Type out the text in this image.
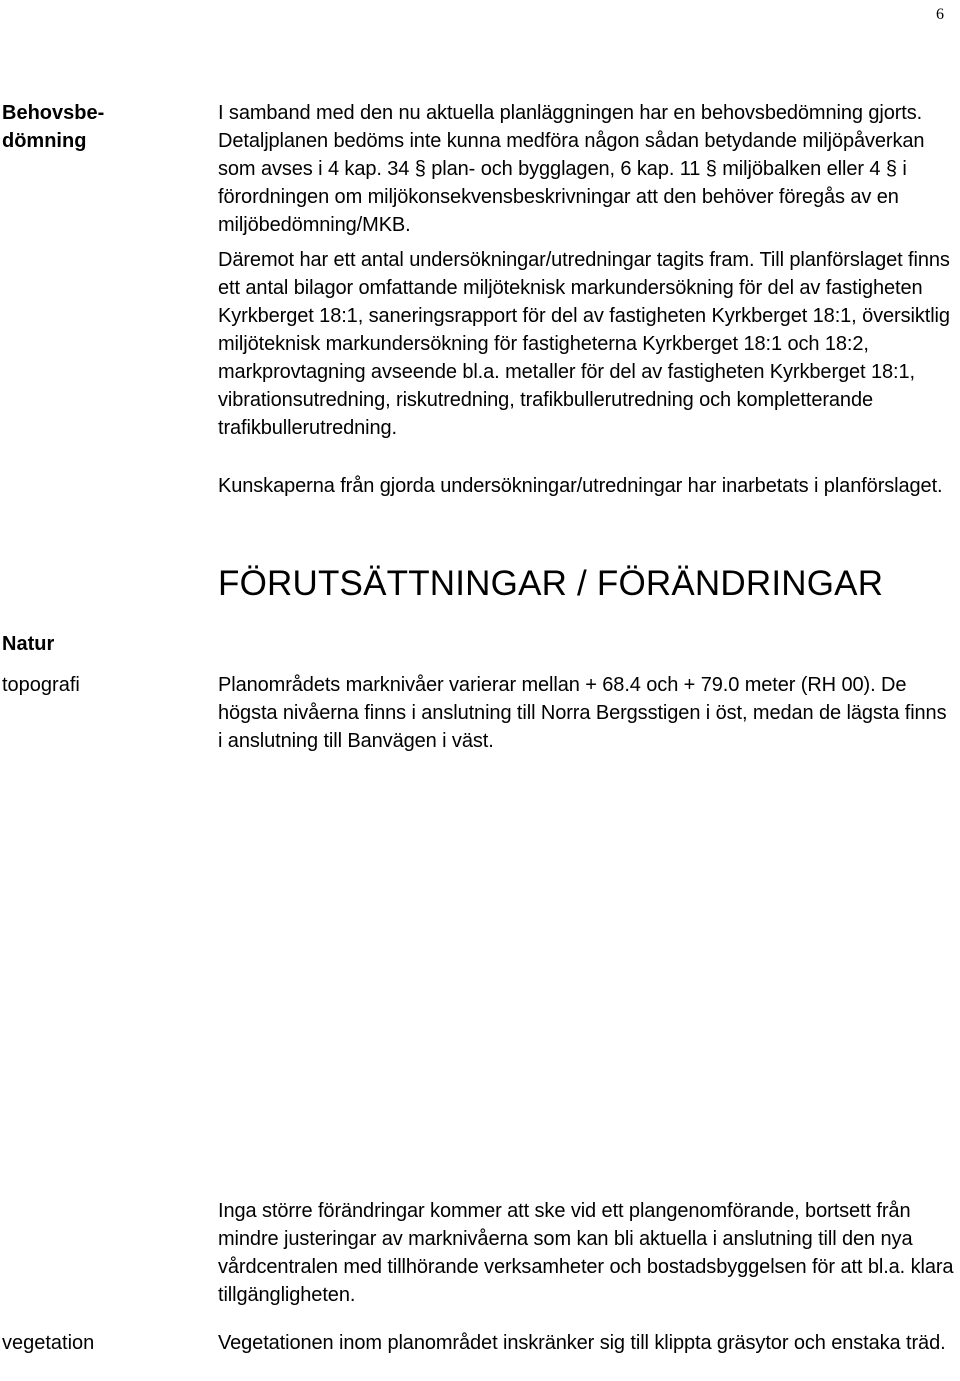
6
Behovsbe-
dömning

I samband med den nu aktuella planläggningen har en behovsbedömning gjorts. Detaljplanen bedöms inte kunna medföra någon sådan betydande miljöpåverkan som avses i 4 kap. 34 § plan- och bygglagen, 6 kap. 11 § miljöbalken eller 4 § i förordningen om miljökonsekvensbeskrivningar att den behöver föregås av en miljöbedömning/MKB.

Däremot har ett antal undersökningar/utredningar tagits fram. Till planförslaget finns ett antal bilagor omfattande miljöteknisk markundersökning för del av fastigheten Kyrkberget 18:1, saneringsrapport för del av fastigheten Kyrkberget 18:1, översiktlig miljöteknisk markundersökning för fastigheterna Kyrkberget 18:1 och 18:2, markprovtagning avseende bl.a. metaller för del av fastigheten Kyrkberget 18:1, vibrationsutredning, riskutredning, trafikbullerutredning och kompletterande trafikbullerutredning.

Kunskaperna från gjorda undersökningar/utredningar har inarbetats i planförslaget.

FÖRUTSÄTTNINGAR / FÖRÄNDRINGAR
Natur
topografi	Planområdets marknivåer varierar mellan + 68.4 och + 79.0 meter (RH 00). De högsta nivåerna finns i anslutning till Norra Bergsstigen i öst, medan de lägsta finns i anslutning till Banvägen i väst.

Inga större förändringar kommer att ske vid ett plangenomförande, bortsett från mindre justeringar av marknivåerna som kan bli aktuella i anslutning till den nya vårdcentralen med tillhörande verksamheter och bostadsbyggelsen för att bl.a. klara tillgängligheten.

vegetation	Vegetationen inom planområdet inskränker sig till klippta gräsytor och enstaka träd.
